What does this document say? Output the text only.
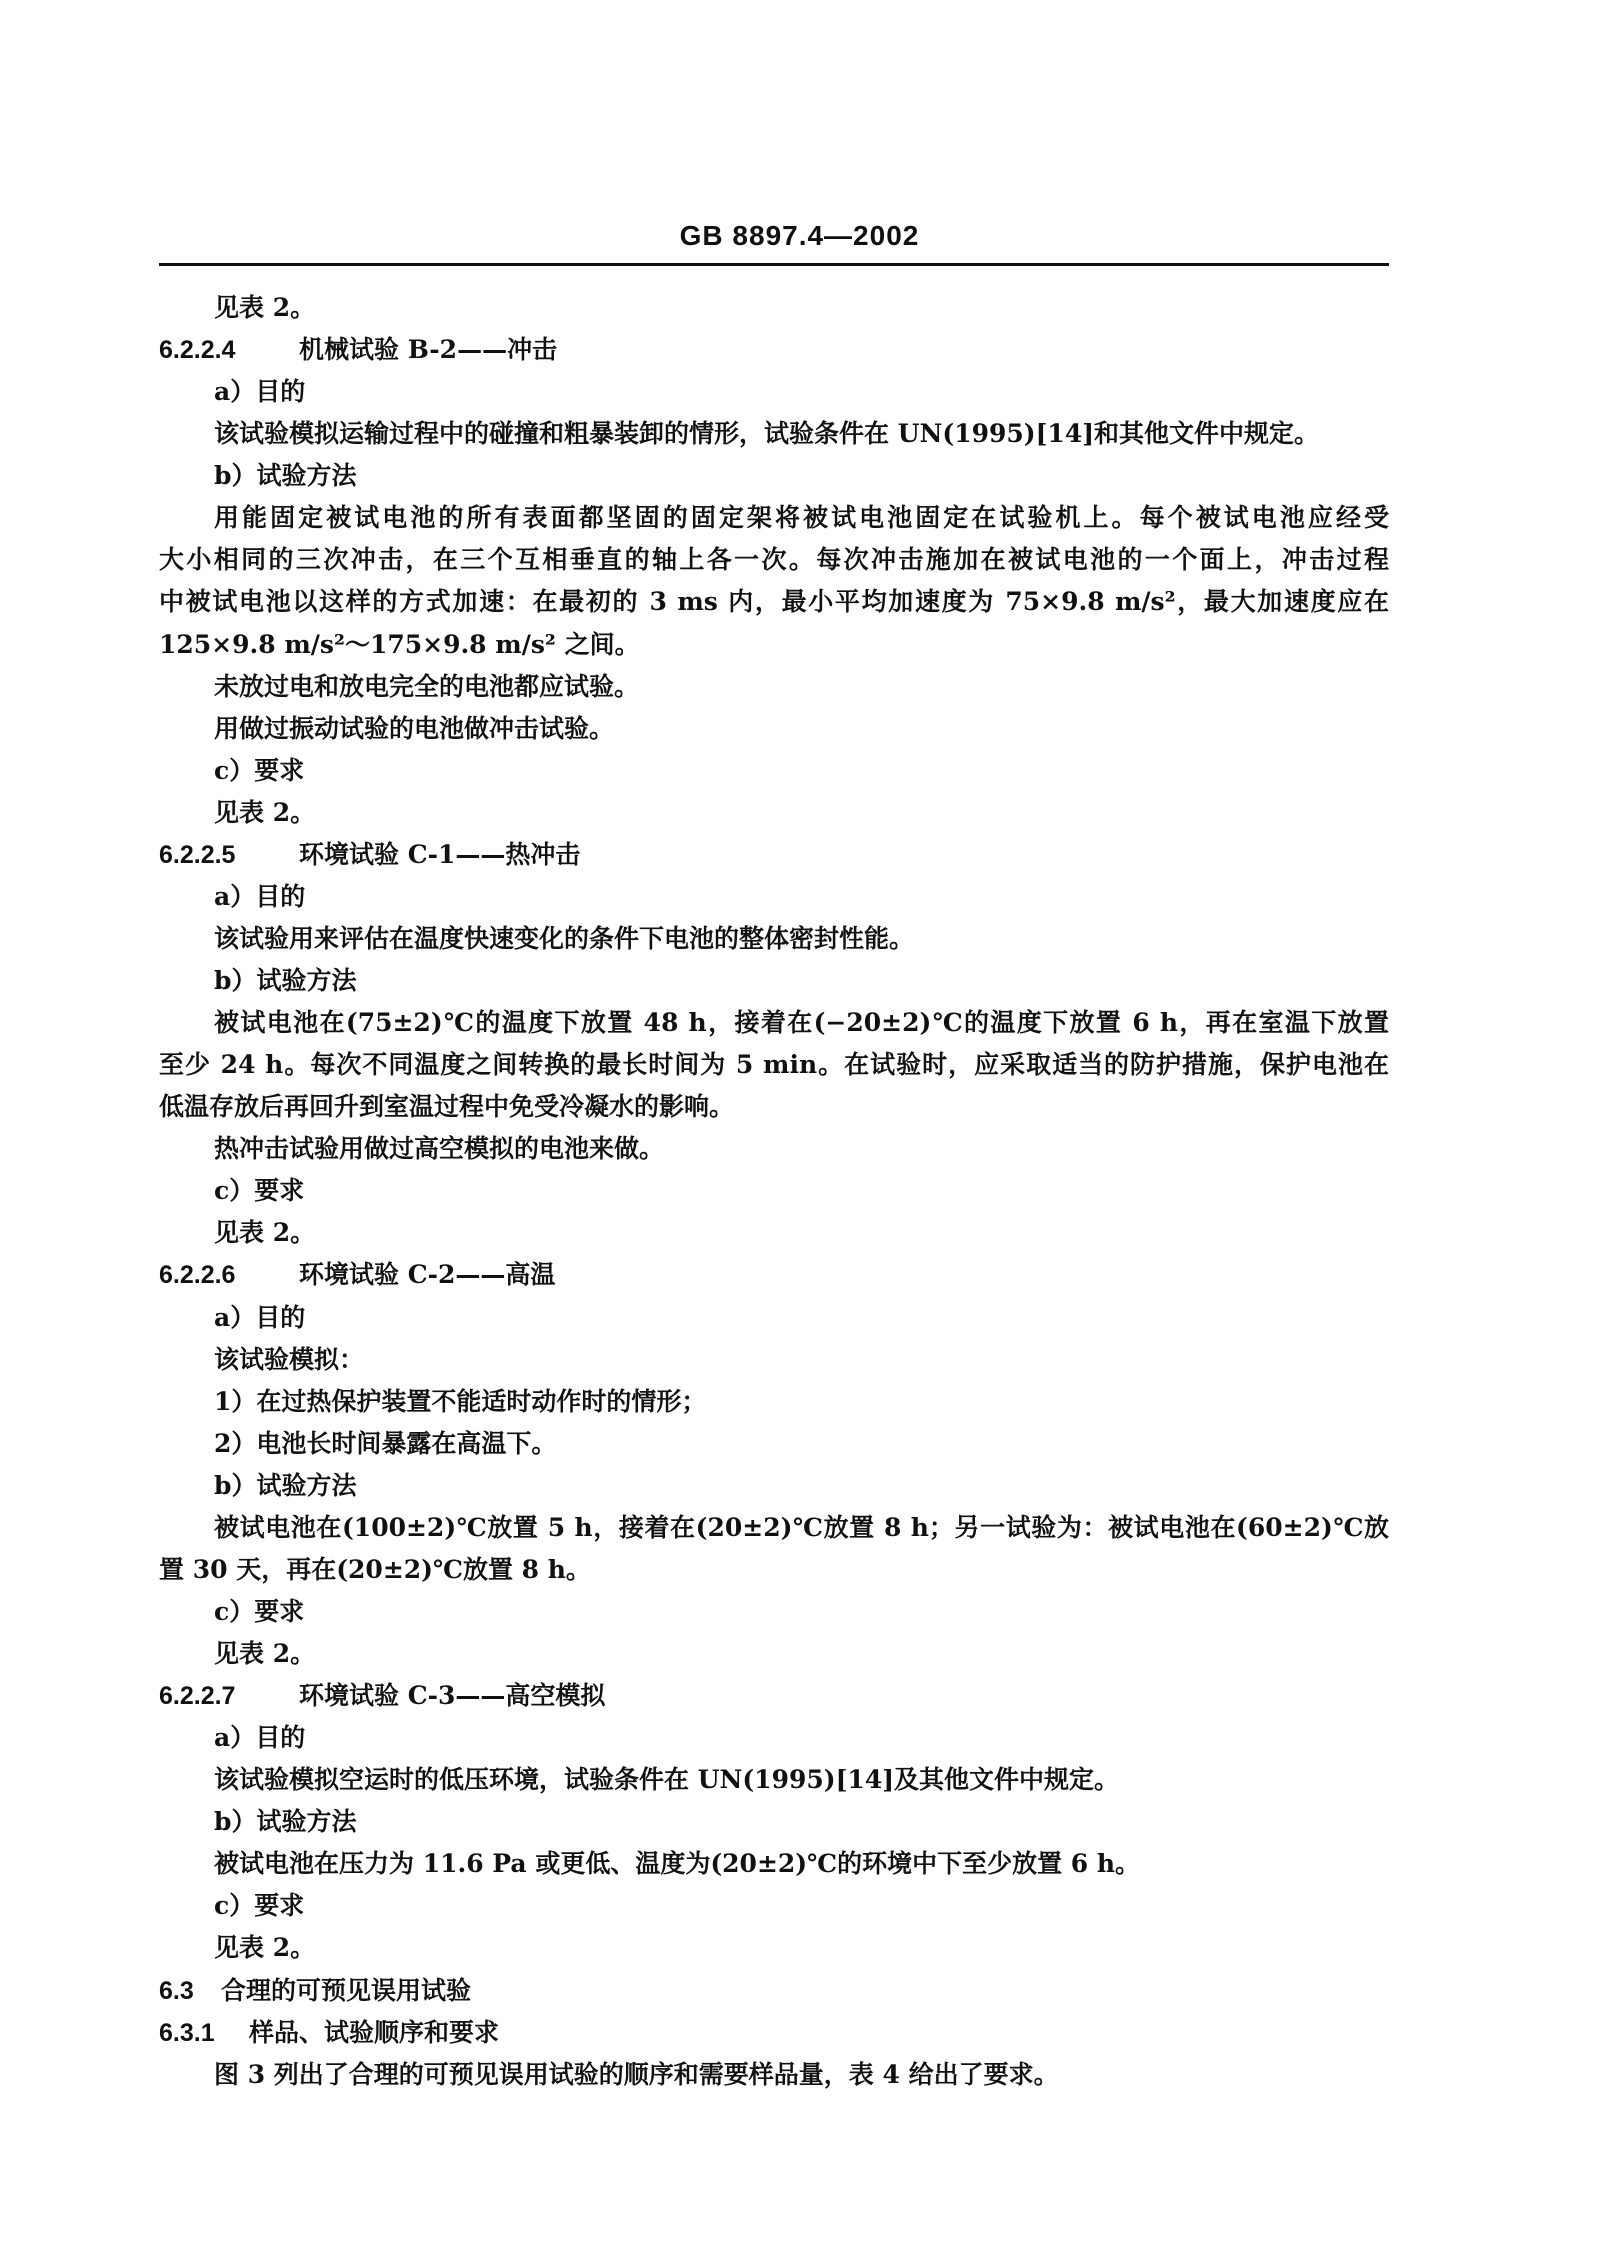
GB 8897.4—2002
见表 2。
6.2.2.4	机械试验 B-2——冲击
a）目的
该试验模拟运输过程中的碰撞和粗暴装卸的情形，试验条件在 UN(1995)[14]和其他文件中规定。
b）试验方法
用能固定被试电池的所有表面都坚固的固定架将被试电池固定在试验机上。每个被试电池应经受
大小相同的三次冲击，在三个互相垂直的轴上各一次。每次冲击施加在被试电池的一个面上，冲击过程
中被试电池以这样的方式加速：在最初的 3 ms 内，最小平均加速度为 75×9.8 m/s²，最大加速度应在
125×9.8 m/s²～175×9.8 m/s² 之间。
未放过电和放电完全的电池都应试验。
用做过振动试验的电池做冲击试验。
c）要求
见表 2。
6.2.2.5	环境试验 C-1——热冲击
a）目的
该试验用来评估在温度快速变化的条件下电池的整体密封性能。
b）试验方法
被试电池在(75±2)℃的温度下放置 48 h，接着在(−20±2)℃的温度下放置 6 h，再在室温下放置
至少 24 h。每次不同温度之间转换的最长时间为 5 min。在试验时，应采取适当的防护措施，保护电池在
低温存放后再回升到室温过程中免受冷凝水的影响。
热冲击试验用做过高空模拟的电池来做。
c）要求
见表 2。
6.2.2.6	环境试验 C-2——高温
a）目的
该试验模拟：
1）在过热保护装置不能适时动作时的情形；
2）电池长时间暴露在高温下。
b）试验方法
被试电池在(100±2)℃放置 5 h，接着在(20±2)℃放置 8 h；另一试验为：被试电池在(60±2)℃放
置 30 天，再在(20±2)℃放置 8 h。
c）要求
见表 2。
6.2.2.7	环境试验 C-3——高空模拟
a）目的
该试验模拟空运时的低压环境，试验条件在 UN(1995)[14]及其他文件中规定。
b）试验方法
被试电池在压力为 11.6 Pa 或更低、温度为(20±2)℃的环境中下至少放置 6 h。
c）要求
见表 2。
6.3 合理的可预见误用试验
6.3.1 样品、试验顺序和要求
图 3 列出了合理的可预见误用试验的顺序和需要样品量，表 4 给出了要求。
